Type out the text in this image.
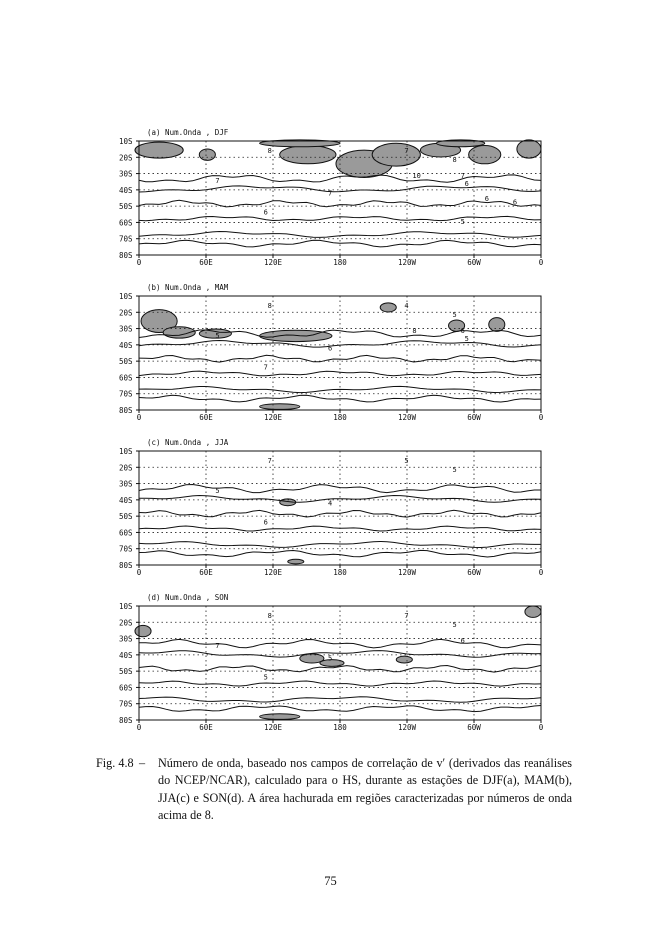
8
7
7
6
7
8
7
6
10
6	6
5
10S
20S
30S
40S
50S
60S
70S
80S
0	60E	120E	180	120W	60W	0
(a) Num.Onda , DJF
8
5
6
7
4
5
6
5
8
10S
20S
30S
40S
50S
60S
70S
80S
0	60E	120E	180	120W	60W	0
(b) Num.Onda , MAM
7
5
4
6
5
5
10S
20S
30S
40S
50S
60S
70S
80S
0	60E	120E	180	120W	60W	0
(c) Num.Onda , JJA
8
7
5
5
7
5
6
10S
20S
30S
40S
50S
60S
70S
80S
0	60E	120E	180	120W	60W	0
(d) Num.Onda , SON
Fig. 4.8 – Número de onda, baseado nos campos de correlação de v′ (derivados das reanálises do NCEP/NCAR), calculado para o HS, durante as estações de DJF(a), MAM(b), JJA(c) e SON(d). A área hachurada em regiões caracterizadas por números de onda acima de 8.
75
